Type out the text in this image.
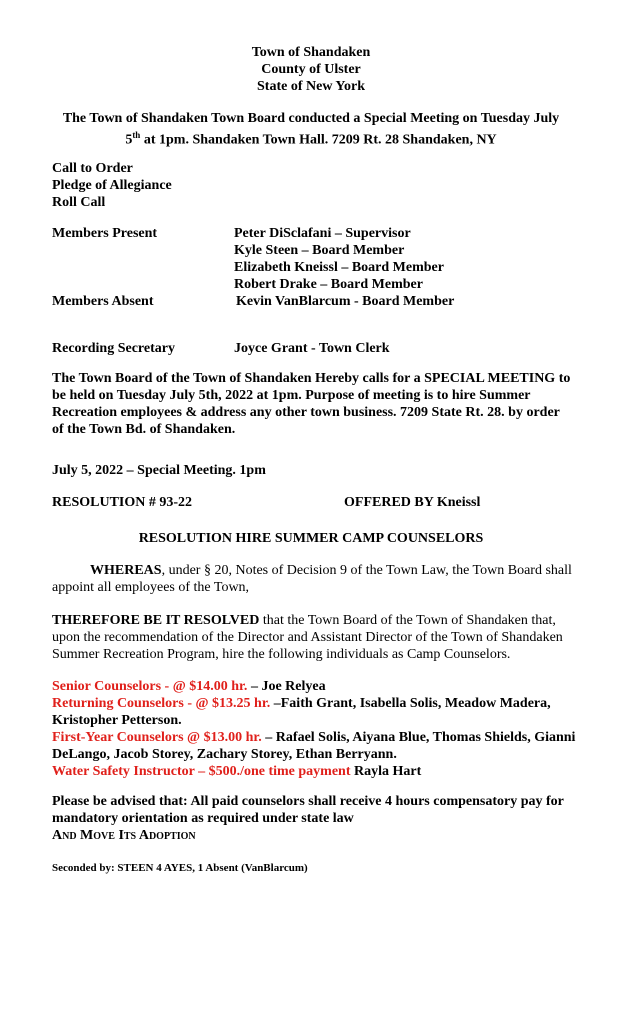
Town of Shandaken
County of Ulster
State of New York
The Town of Shandaken Town Board conducted a Special Meeting on Tuesday July
5th at 1pm. Shandaken Town Hall. 7209 Rt. 28 Shandaken, NY
Call to Order
Pledge of Allegiance
Roll Call
Members Present	Peter DiSclafani – Supervisor
Kyle Steen – Board Member
Elizabeth Kneissl – Board Member
Robert Drake – Board Member
Members Absent	Kevin VanBlarcum - Board Member
Recording Secretary	Joyce Grant - Town Clerk
The Town Board of the Town of Shandaken Hereby calls for a SPECIAL MEETING to be held on Tuesday July 5th, 2022 at 1pm. Purpose of meeting is to hire Summer Recreation employees & address any other town business. 7209 State Rt. 28. by order of the Town Bd. of Shandaken.
July 5, 2022 – Special Meeting. 1pm
RESOLUTION # 93-22	OFFERED BY Kneissl
RESOLUTION HIRE SUMMER CAMP COUNSELORS
WHEREAS, under § 20, Notes of Decision 9 of the Town Law, the Town Board shall appoint all employees of the Town,
THEREFORE BE IT RESOLVED that the Town Board of the Town of Shandaken that, upon the recommendation of the Director and Assistant Director of the Town of Shandaken Summer Recreation Program, hire the following individuals as Camp Counselors.
Senior Counselors - @ $14.00 hr. – Joe Relyea
Returning Counselors - @ $13.25 hr. –Faith Grant, Isabella Solis, Meadow Madera, Kristopher Petterson.
First-Year Counselors @ $13.00 hr. – Rafael Solis, Aiyana Blue, Thomas Shields, Gianni DeLango, Jacob Storey, Zachary Storey, Ethan Berryann.
Water Safety Instructor – $500./one time payment Rayla Hart
Please be advised that: All paid counselors shall receive 4 hours compensatory pay for mandatory orientation as required under state law
And Move Its Adoption
Seconded by: STEEN 4 AYES, 1 Absent (VanBlarcum)
